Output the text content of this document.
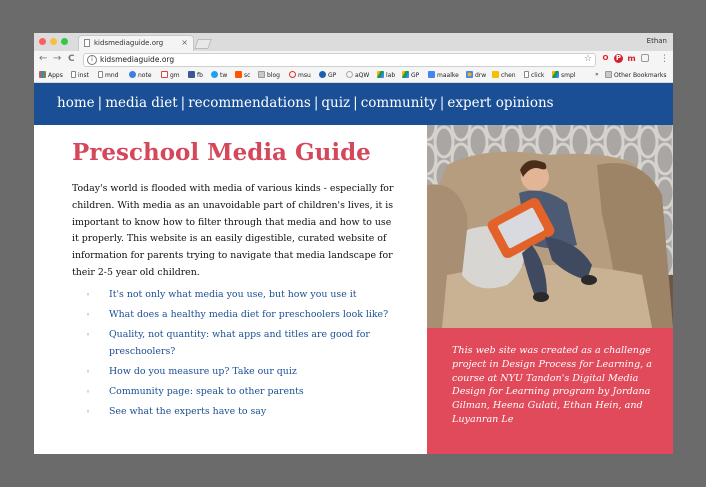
kidsmediaguide.org ×	Ethan
← → C	i kidsmediaguide.org	☆ O P m	⋮
Apps	inst	mnd	note	gm	fb	tw	sc	blog	msu	GP	aQW	lab	GP	maalke	drw	chen	click	smpl	»	Other Bookmarks
home | media diet | recommendations | quiz | community | expert opinions
Preschool Media Guide

Today's world is flooded with media of various kinds - especially for children. With media as an unavoidable part of children's lives, it is important to know how to filter through that media and how to use it properly. This website is an easily digestible, curated website of information for parents trying to navigate that media landscape for their 2-5 year old children.

◦ It's not only what media you use, but how you use it
◦ What does a healthy media diet for preschoolers look like?
◦ Quality, not quantity: what apps and titles are good for preschoolers?
◦ How do you measure up? Take our quiz
◦ Community page: speak to other parents
◦ See what the experts have to say

This web site was created as a challenge project in Design Process for Learning, a course at NYU Tandon's Digital Media Design for Learning program by Jordana Gilman, Heena Gulati, Ethan Hein, and Luyanran Le
